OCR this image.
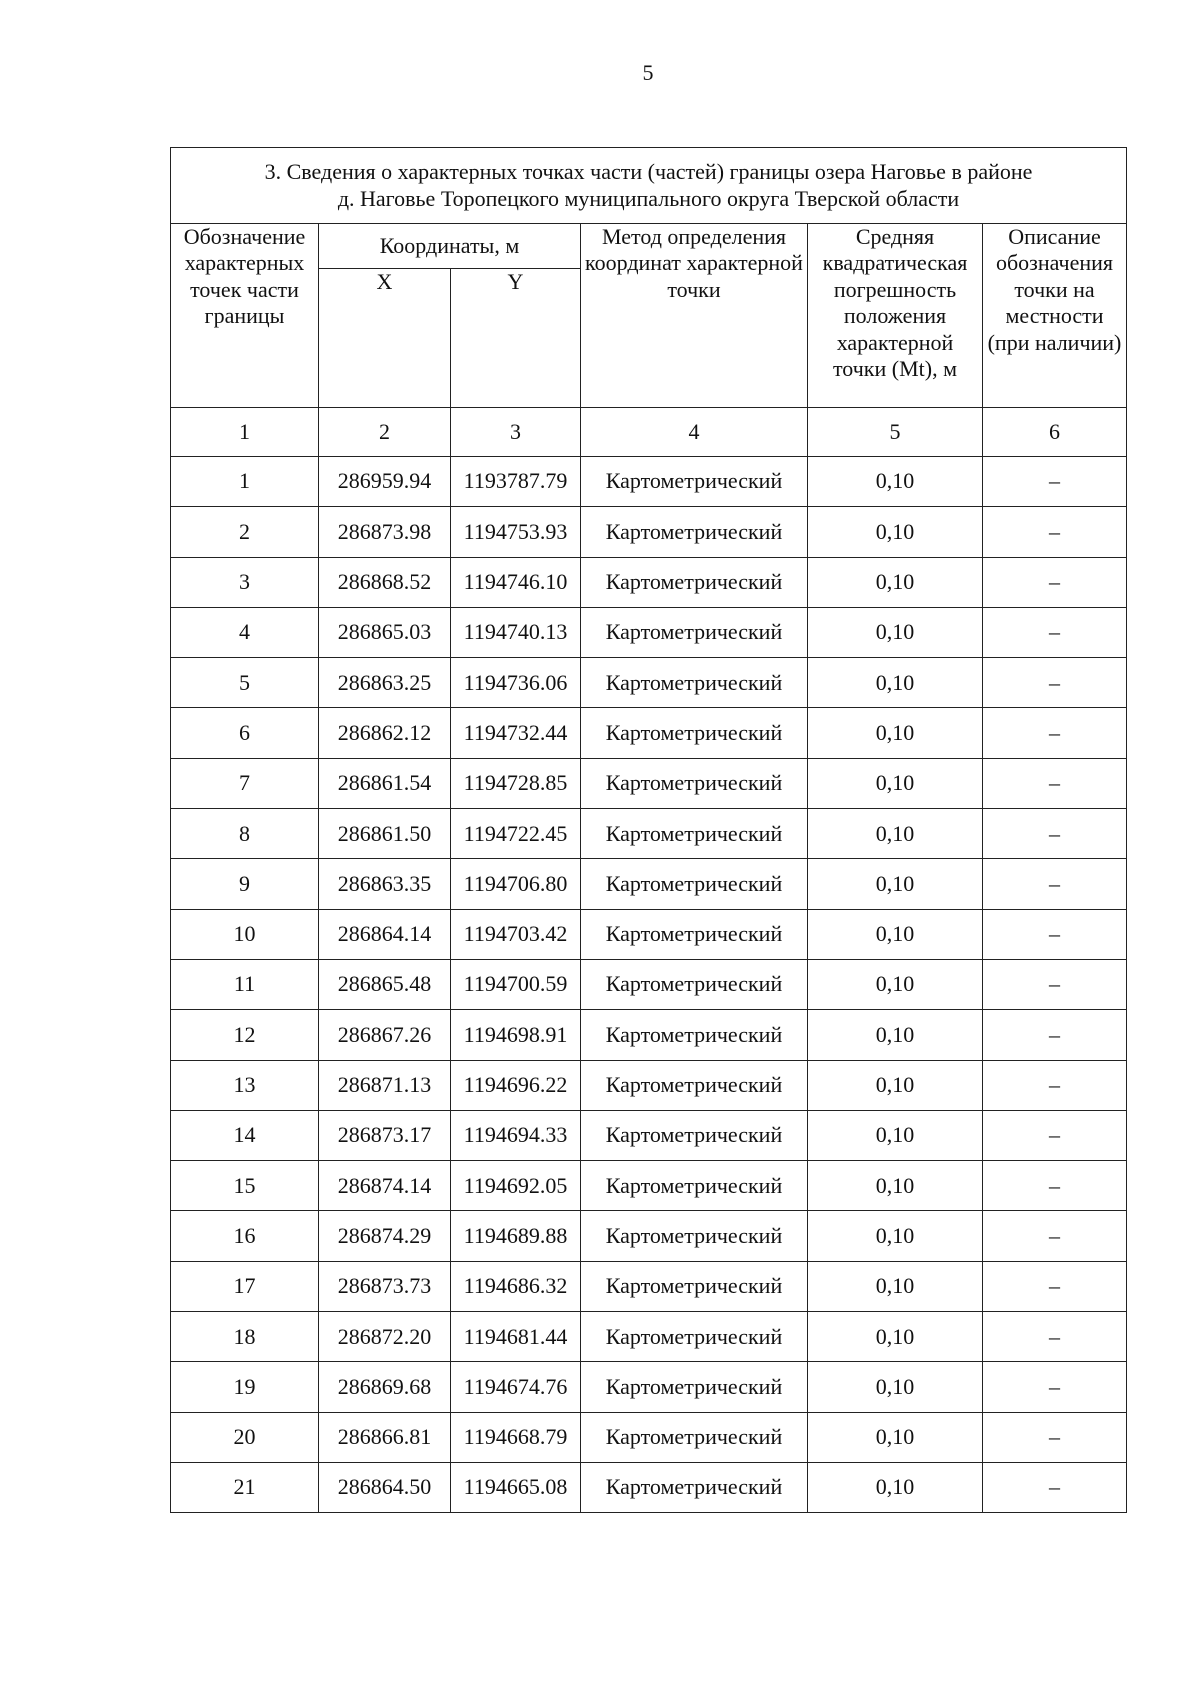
5
3. Сведения о характерных точках части (частей) границы озера Наговье в районе
д. Наговье Торопецкого муниципального округа Тверской области					
Обозначение характерных точек части границы	Координаты, м		Метод определения координат характерной точки	Средняя квадратическая погрешность положения характерной точки (Mt), м	Описание обозначения точки на местности (при наличии)
	X	Y			
1	2	3	4	5	6
1	286959.94	1193787.79	Картометрический	0,10	–
2	286873.98	1194753.93	Картометрический	0,10	–
3	286868.52	1194746.10	Картометрический	0,10	–
4	286865.03	1194740.13	Картометрический	0,10	–
5	286863.25	1194736.06	Картометрический	0,10	–
6	286862.12	1194732.44	Картометрический	0,10	–
7	286861.54	1194728.85	Картометрический	0,10	–
8	286861.50	1194722.45	Картометрический	0,10	–
9	286863.35	1194706.80	Картометрический	0,10	–
10	286864.14	1194703.42	Картометрический	0,10	–
11	286865.48	1194700.59	Картометрический	0,10	–
12	286867.26	1194698.91	Картометрический	0,10	–
13	286871.13	1194696.22	Картометрический	0,10	–
14	286873.17	1194694.33	Картометрический	0,10	–
15	286874.14	1194692.05	Картометрический	0,10	–
16	286874.29	1194689.88	Картометрический	0,10	–
17	286873.73	1194686.32	Картометрический	0,10	–
18	286872.20	1194681.44	Картометрический	0,10	–
19	286869.68	1194674.76	Картометрический	0,10	–
20	286866.81	1194668.79	Картометрический	0,10	–
21	286864.50	1194665.08	Картометрический	0,10	–
